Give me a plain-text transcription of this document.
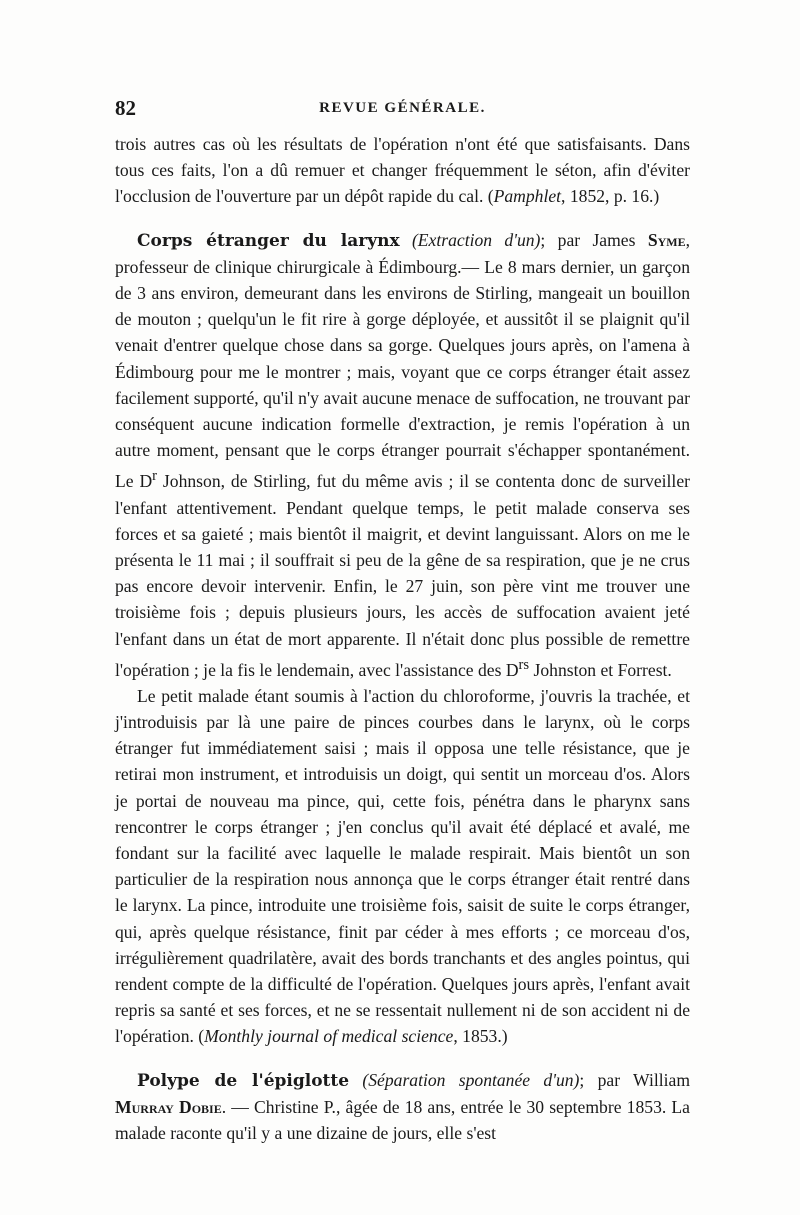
82	REVUE GÉNÉRALE.

trois autres cas où les résultats de l'opération n'ont été que satisfaisants. Dans tous ces faits, l'on a dû remuer et changer fréquemment le séton, afin d'éviter l'occlusion de l'ouverture par un dépôt rapide du cal. (Pamphlet, 1852, p. 16.)

Corps étranger du larynx (Extraction d'un); par James Syme, professeur de clinique chirurgicale à Édimbourg.— Le 8 mars dernier, un garçon de 3 ans environ, demeurant dans les environs de Stirling, mangeait un bouillon de mouton ; quelqu'un le fit rire à gorge déployée, et aussitôt il se plaignit qu'il venait d'entrer quelque chose dans sa gorge. Quelques jours après, on l'amena à Édimbourg pour me le montrer ; mais, voyant que ce corps étranger était assez facilement supporté, qu'il n'y avait aucune menace de suffocation, ne trouvant par conséquent aucune indication formelle d'extraction, je remis l'opération à un autre moment, pensant que le corps étranger pourrait s'échapper spontanément. Le $D^r$ Johnson, de Stirling, fut du même avis ; il se contenta donc de surveiller l'enfant attentivement. Pendant quelque temps, le petit malade conserva ses forces et sa gaieté ; mais bientôt il maigrit, et devint languissant. Alors on me le présenta le 11 mai ; il souffrait si peu de la gêne de sa respiration, que je ne crus pas encore devoir intervenir. Enfin, le 27 juin, son père vint me trouver une troisième fois ; depuis plusieurs jours, les accès de suffocation avaient jeté l'enfant dans un état de mort apparente. Il n'était donc plus possible de remettre l'opération ; je la fis le lendemain, avec l'assistance des $D^{rs}$ Johnston et Forrest.

Le petit malade étant soumis à l'action du chloroforme, j'ouvris la trachée, et j'introduisis par là une paire de pinces courbes dans le larynx, où le corps étranger fut immédiatement saisi ; mais il opposa une telle résistance, que je retirai mon instrument, et introduisis un doigt, qui sentit un morceau d'os. Alors je portai de nouveau ma pince, qui, cette fois, pénétra dans le pharynx sans rencontrer le corps étranger ; j'en conclus qu'il avait été déplacé et avalé, me fondant sur la facilité avec laquelle le malade respirait. Mais bientôt un son particulier de la respiration nous annonça que le corps étranger était rentré dans le larynx. La pince, introduite une troisième fois, saisit de suite le corps étranger, qui, après quelque résistance, finit par céder à mes efforts ; ce morceau d'os, irrégulièrement quadrilatère, avait des bords tranchants et des angles pointus, qui rendent compte de la difficulté de l'opération. Quelques jours après, l'enfant avait repris sa santé et ses forces, et ne se ressentait nullement ni de son accident ni de l'opération. (Monthly journal of medical science, 1853.)

Polype de l'épiglotte (Séparation spontanée d'un); par William Murray Dobie. — Christine P., âgée de 18 ans, entrée le 30 septembre 1853. La malade raconte qu'il y a une dizaine de jours, elle s'est
